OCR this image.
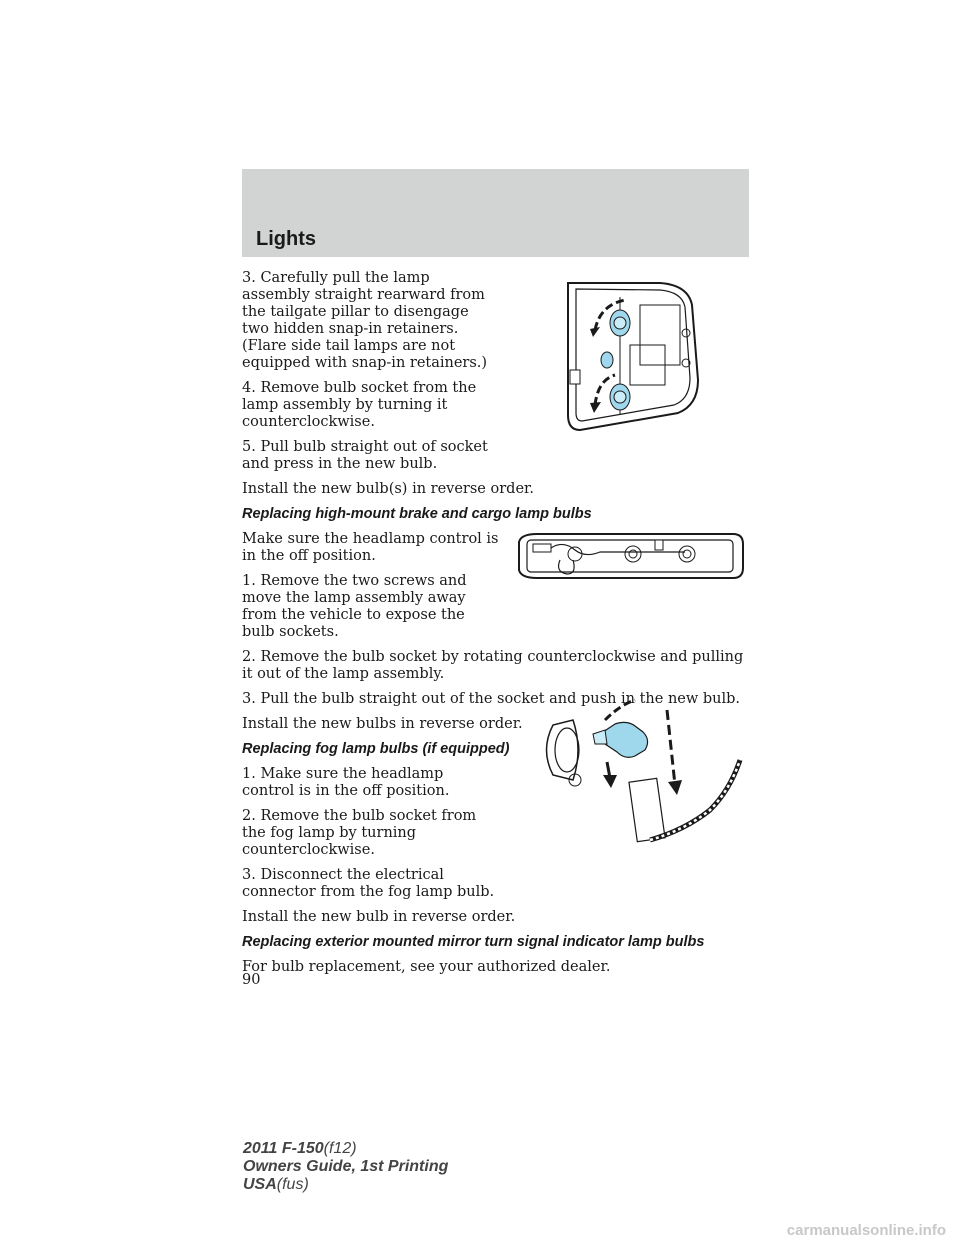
Lights

3. Carefully pull the lamp assembly straight rearward from the tailgate pillar to disengage two hidden snap-in retainers. (Flare side tail lamps are not equipped with snap-in retainers.)

4. Remove bulb socket from the lamp assembly by turning it counterclockwise.

5. Pull bulb straight out of socket and press in the new bulb.

Install the new bulb(s) in reverse order.

Replacing high-mount brake and cargo lamp bulbs

Make sure the headlamp control is in the off position.

1. Remove the two screws and move the lamp assembly away from the vehicle to expose the bulb sockets.

2. Remove the bulb socket by rotating counterclockwise and pulling it out of the lamp assembly.

3. Pull the bulb straight out of the socket and push in the new bulb.

Install the new bulbs in reverse order.

Replacing fog lamp bulbs (if equipped)

1. Make sure the headlamp control is in the off position.

2. Remove the bulb socket from the fog lamp by turning counterclockwise.

3. Disconnect the electrical connector from the fog lamp bulb.

Install the new bulb in reverse order.

Replacing exterior mounted mirror turn signal indicator lamp bulbs

For bulb replacement, see your authorized dealer.

90
2011 F-150(f12)
Owners Guide, 1st Printing
USA(fus)
carmanualsonline.info
